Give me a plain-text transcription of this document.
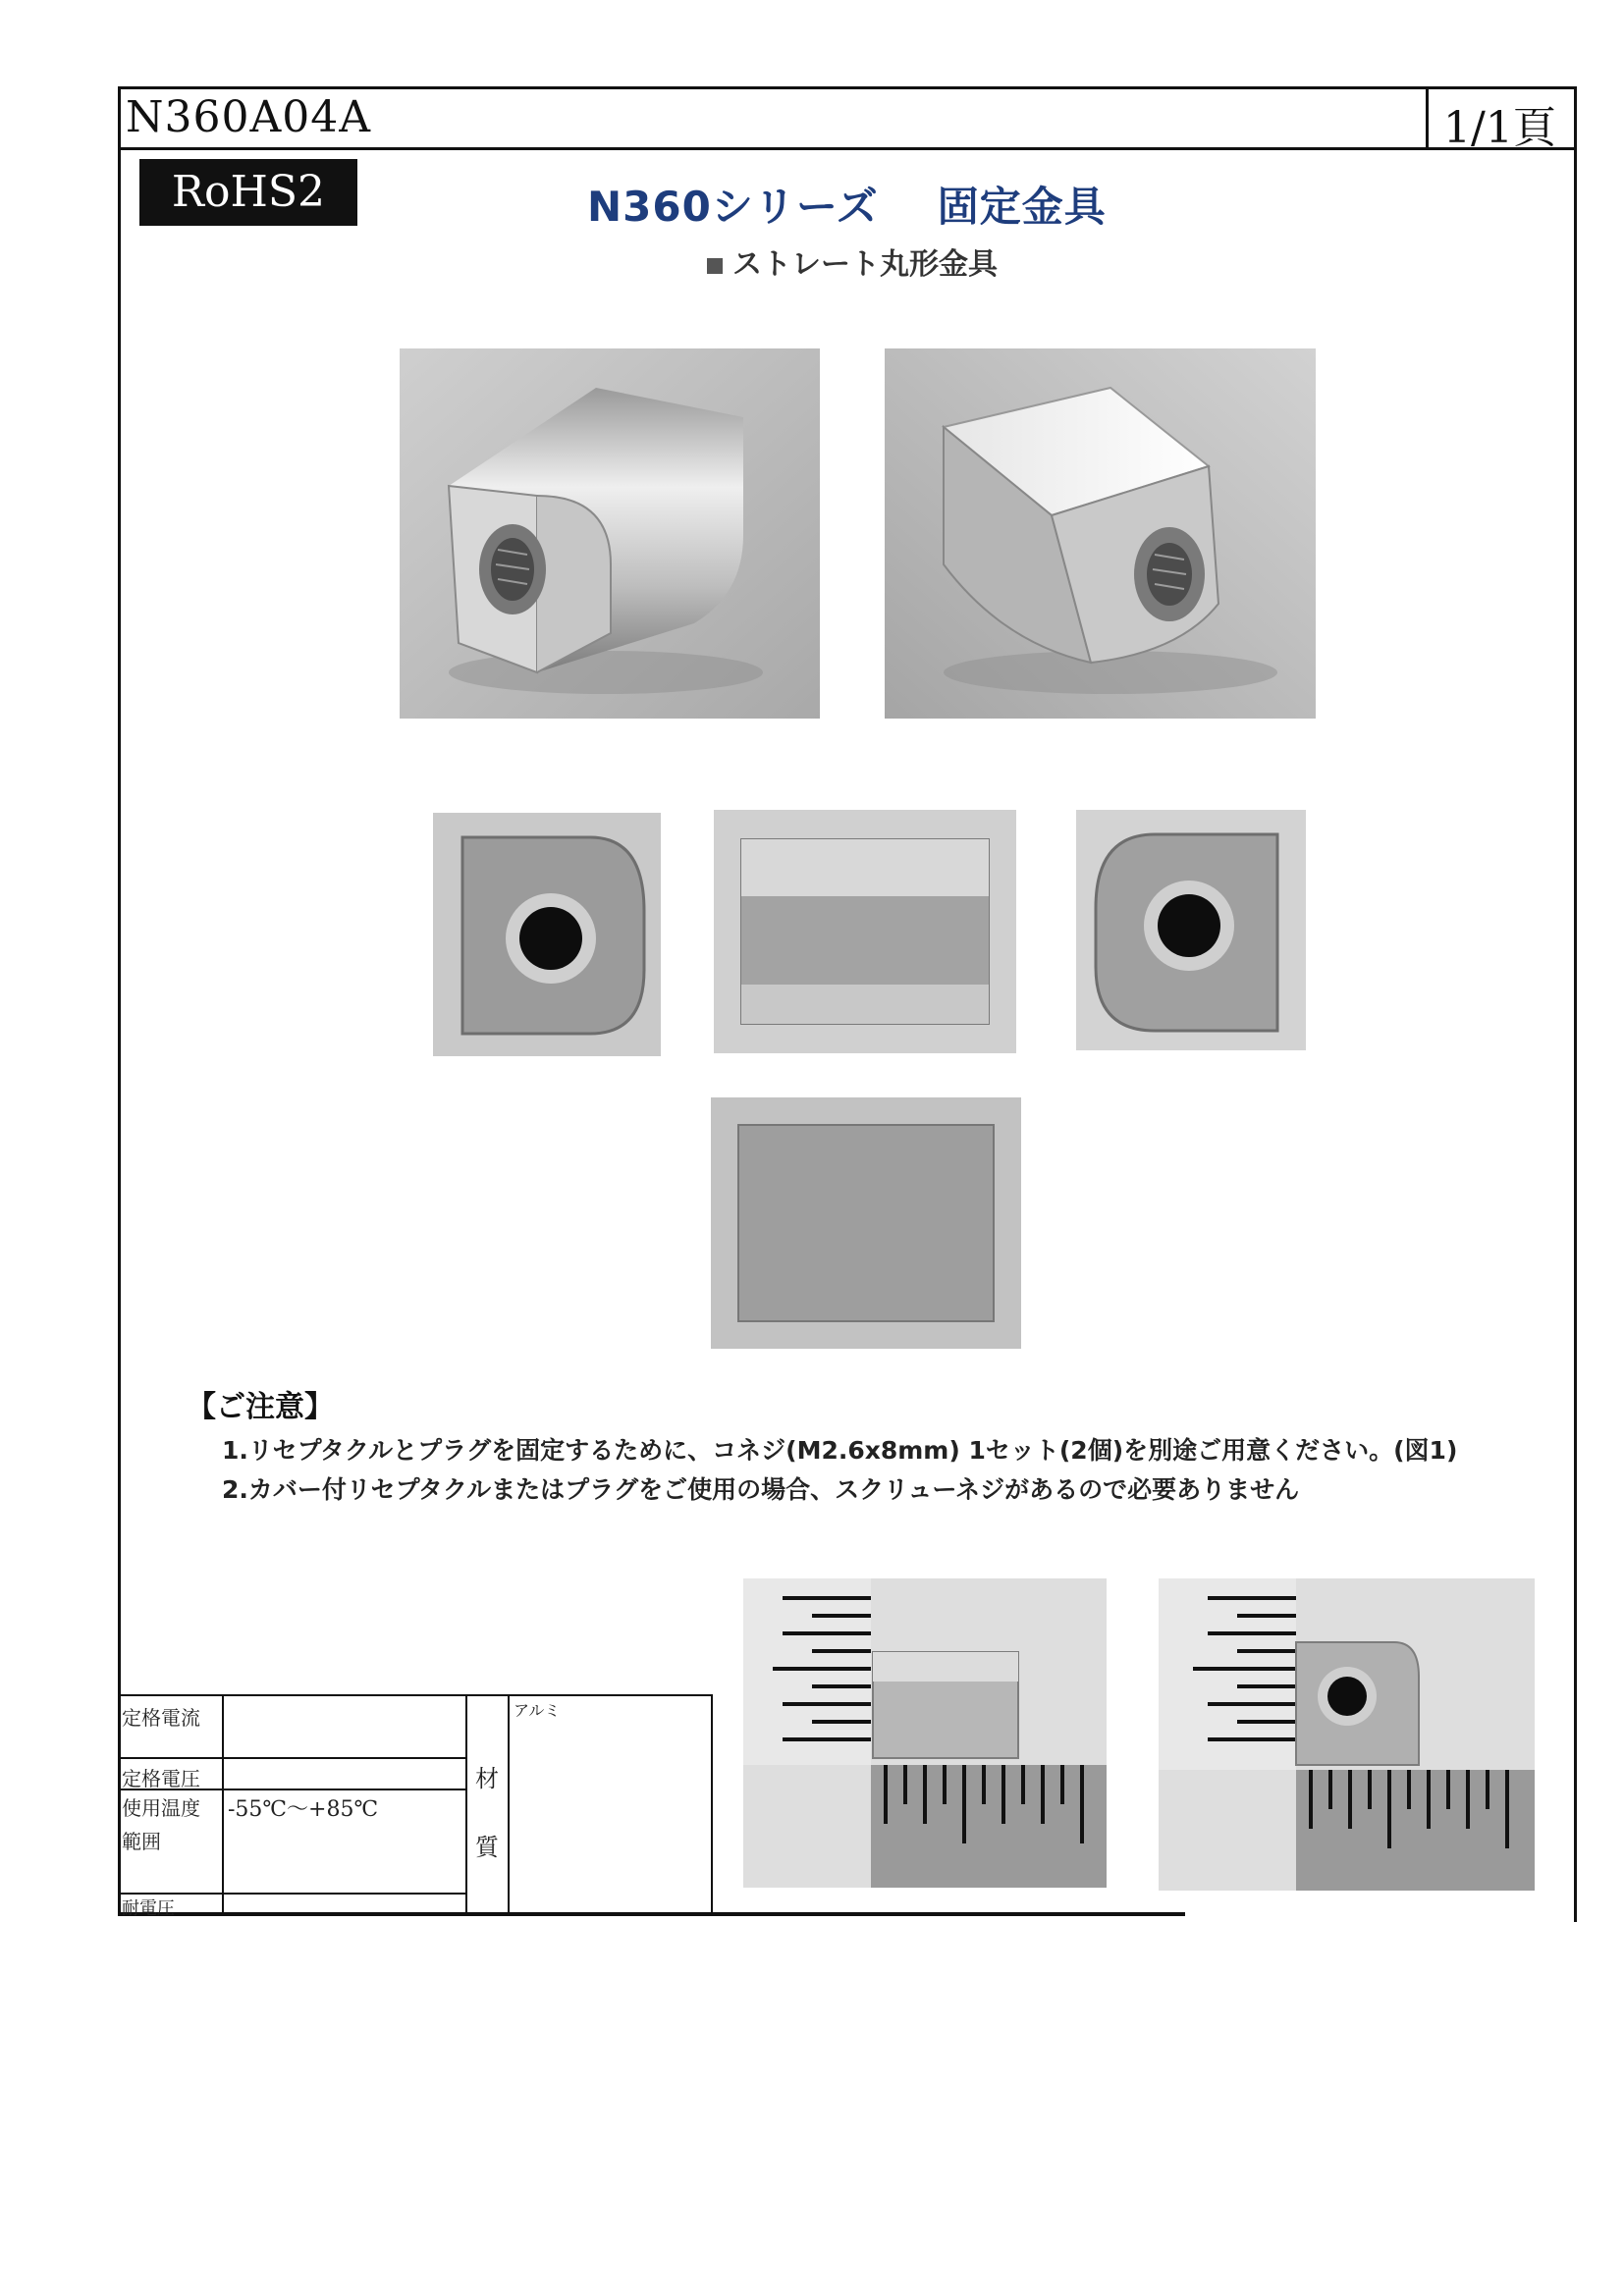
N360A04A	1/1頁
RoHS2	N360シリーズ 固定金具
ストレート丸形金具
【ご注意】
1.リセプタクルとプラグを固定するために、コネジ(M2.6x8mm) 1セット(2個)を別途ご用意ください。(図1)
2.カバー付リセプタクルまたはプラグをご使用の場合、スクリューネジがあるので必要ありません
定格電流
定格電圧
使用温度
範囲
-55℃～+85℃
耐電圧
材
質
アルミ
